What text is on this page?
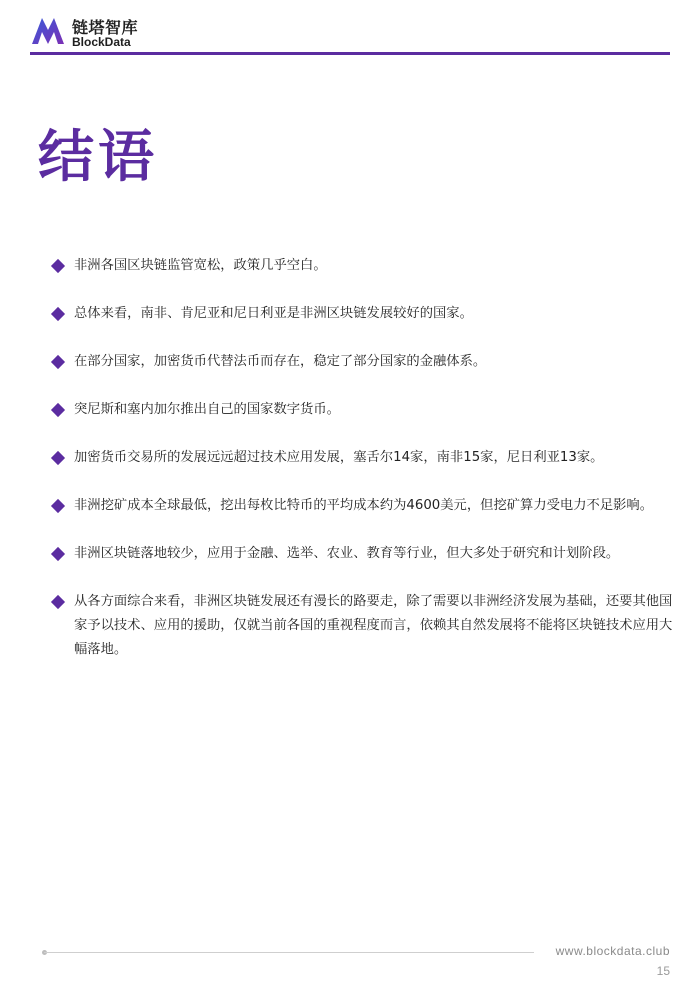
链塔智库
BlockData
结语
非洲各国区块链监管宽松，政策几乎空白。
总体来看，南非、肯尼亚和尼日利亚是非洲区块链发展较好的国家。
在部分国家，加密货币代替法币而存在，稳定了部分国家的金融体系。
突尼斯和塞内加尔推出自己的国家数字货币。
加密货币交易所的发展远远超过技术应用发展，塞舌尔14家，南非15家，尼日利亚13家。
非洲挖矿成本全球最低，挖出每枚比特币的平均成本约为4600美元，但挖矿算力受电力不足影响。
非洲区块链落地较少，应用于金融、选举、农业、教育等行业，但大多处于研究和计划阶段。
从各方面综合来看，非洲区块链发展还有漫长的路要走，除了需要以非洲经济发展为基础，还要其他国家予以技术、应用的援助，仅就当前各国的重视程度而言，依赖其自然发展将不能将区块链技术应用大幅落地。
www.blockdata.club
15
